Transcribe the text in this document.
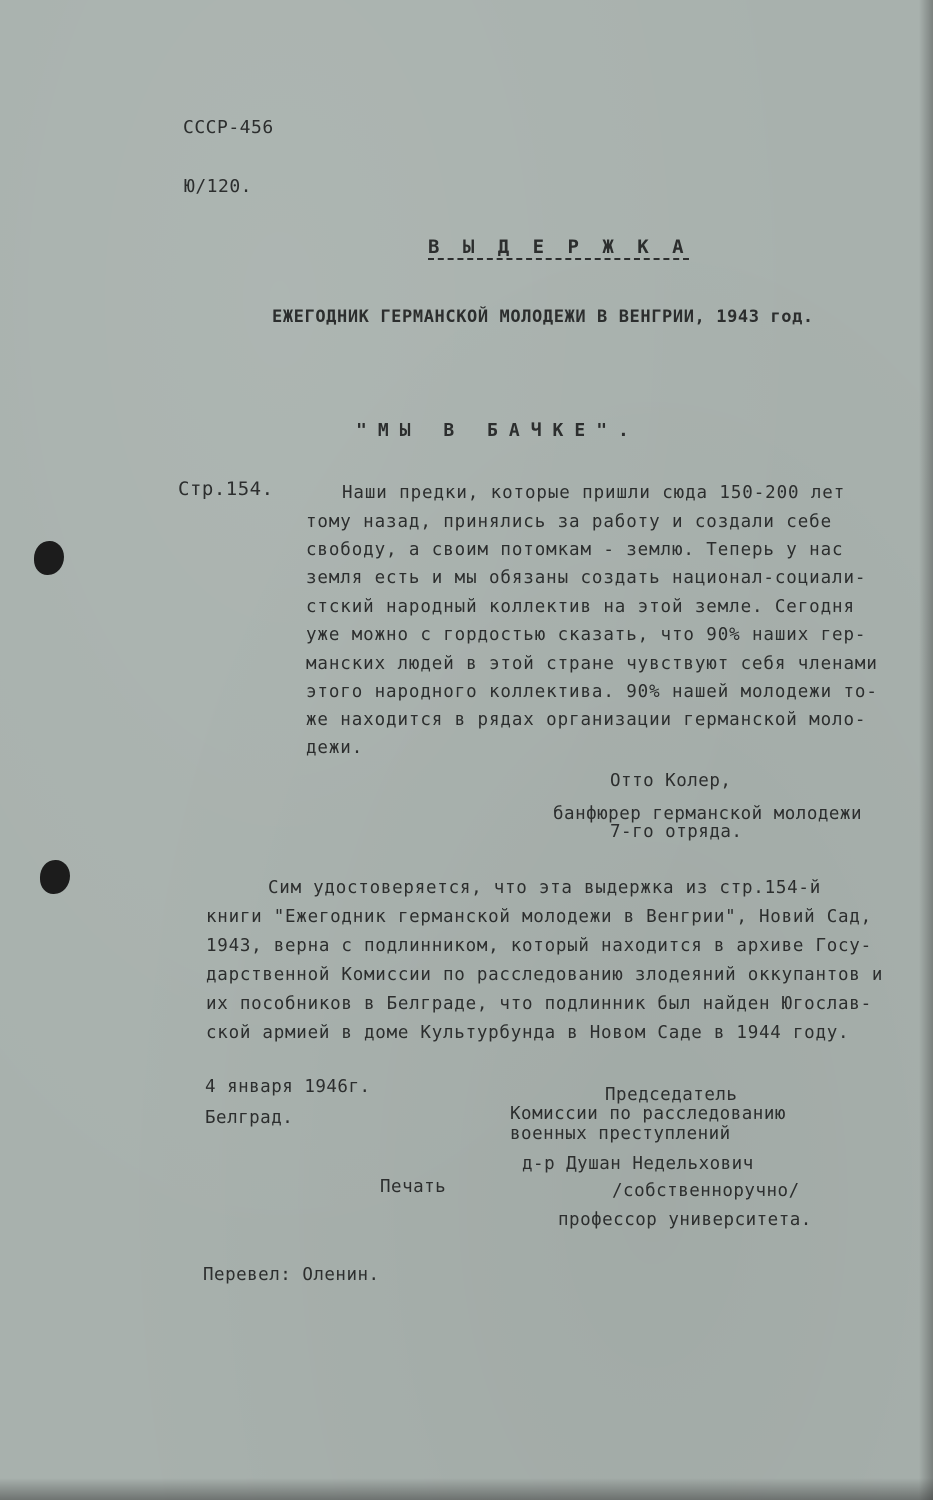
СССР-456
Ю/120.
В Ы Д Е Р Ж К А
ЕЖЕГОДНИК ГЕРМАНСКОЙ МОЛОДЕЖИ В ВЕНГРИИ, 1943 год.
"МЫ В БАЧКЕ".
Стр.154.	Наши предки, которые пришли сюда 150-200 лет
тому назад, принялись за работу и создали себе
свободу, а своим потомкам - землю. Теперь у нас
земля есть и мы обязаны создать национал-социали-
стский народный коллектив на этой земле. Сегодня
уже можно с гордостью сказать, что 90% наших гер-
манских людей в этой стране чувствуют себя членами
этого народного коллектива. 90% нашей молодежи то-
же находится в рядах организации германской моло-
дежи.
Отто Колер,
банфюрер германской молодежи
7-го отряда.
Сим удостоверяется, что эта выдержка из стр.154-й
книги "Ежегодник германской молодежи в Венгрии", Новий Сад,
1943, верна с подлинником, который находится в архиве Госу-
дарственной Комиссии по расследованию злодеяний оккупантов и
их пособников в Белграде, что подлинник был найден Югослав-
ской армией в доме Культурбунда в Новом Саде в 1944 году.
4 января 1946г.
Белград.
Председатель
Комиссии по расследованию
военных преступлений
д-р Душан Недельхович
/собственноручно/
профессор университета.
Печать
Перевел: Оленин.
